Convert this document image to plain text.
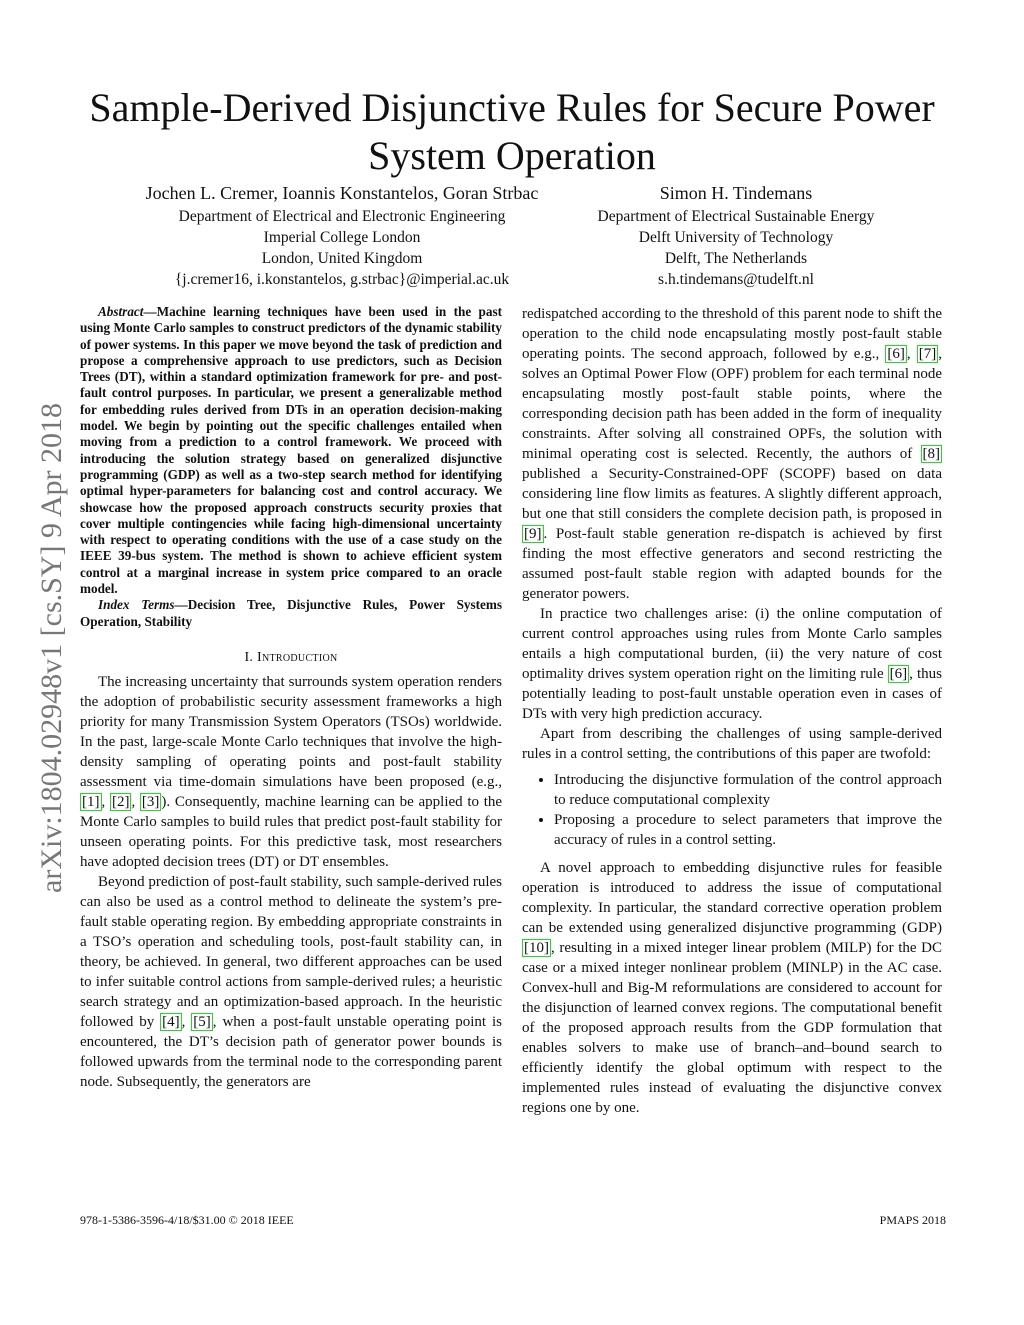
Sample-Derived Disjunctive Rules for Secure Power System Operation
Jochen L. Cremer, Ioannis Konstantelos, Goran Strbac
Department of Electrical and Electronic Engineering
Imperial College London
London, United Kingdom
{j.cremer16, i.konstantelos, g.strbac}@imperial.ac.uk
Simon H. Tindemans
Department of Electrical Sustainable Energy
Delft University of Technology
Delft, The Netherlands
s.h.tindemans@tudelft.nl
arXiv:1804.02948v1 [cs.SY] 9 Apr 2018

Abstract—Machine learning techniques have been used in the past using Monte Carlo samples to construct predictors of the dynamic stability of power systems. In this paper we move beyond the task of prediction and propose a comprehensive approach to use predictors, such as Decision Trees (DT), within a standard optimization framework for pre- and post-fault control purposes. In particular, we present a generalizable method for embedding rules derived from DTs in an operation decision-making model. We begin by pointing out the specific challenges entailed when moving from a prediction to a control framework. We proceed with introducing the solution strategy based on generalized disjunctive programming (GDP) as well as a two-step search method for identifying optimal hyper-parameters for balancing cost and control accuracy. We showcase how the proposed approach constructs security proxies that cover multiple contingencies while facing high-dimensional uncertainty with respect to operating conditions with the use of a case study on the IEEE 39-bus system. The method is shown to achieve efficient system control at a marginal increase in system price compared to an oracle model.

Index Terms—Decision Tree, Disjunctive Rules, Power Systems Operation, Stability

I. Introduction

The increasing uncertainty that surrounds system operation renders the adoption of probabilistic security assessment frameworks a high priority for many Transmission System Operators (TSOs) worldwide. In the past, large-scale Monte Carlo techniques that involve the high-density sampling of operating points and post-fault stability assessment via time-domain simulations have been proposed (e.g., [1] , [2] , [3] ). Consequently, machine learning can be applied to the Monte Carlo samples to build rules that predict post-fault stability for unseen operating points. For this predictive task, most researchers have adopted decision trees (DT) or DT ensembles.

Beyond prediction of post-fault stability, such sample-derived rules can also be used as a control method to delineate the system’s pre-fault stable operating region. By embedding appropriate constraints in a TSO’s operation and scheduling tools, post-fault stability can, in theory, be achieved. In general, two different approaches can be used to infer suitable control actions from sample-derived rules; a heuristic search strategy and an optimization-based approach. In the heuristic followed by [4] , [5] , when a post-fault unstable operating point is encountered, the DT’s decision path of generator power bounds is followed upwards from the terminal node to the corresponding parent node. Subsequently, the generators are

redispatched according to the threshold of this parent node to shift the operation to the child node encapsulating mostly post-fault stable operating points. The second approach, followed by e.g., [6] , [7] , solves an Optimal Power Flow (OPF) problem for each terminal node encapsulating mostly post-fault stable points, where the corresponding decision path has been added in the form of inequality constraints. After solving all constrained OPFs, the solution with minimal operating cost is selected. Recently, the authors of [8] published a Security-Constrained-OPF (SCOPF) based on data considering line flow limits as features. A slightly different approach, but one that still considers the complete decision path, is proposed in [9] . Post-fault stable generation re-dispatch is achieved by first finding the most effective generators and second restricting the assumed post-fault stable region with adapted bounds for the generator powers.

In practice two challenges arise: (i) the online computation of current control approaches using rules from Monte Carlo samples entails a high computational burden, (ii) the very nature of cost optimality drives system operation right on the limiting rule [6] , thus potentially leading to post-fault unstable operation even in cases of DTs with very high prediction accuracy.

Apart from describing the challenges of using sample-derived rules in a control setting, the contributions of this paper are twofold:

• Introducing the disjunctive formulation of the control approach to reduce computational complexity
• Proposing a procedure to select parameters that improve the accuracy of rules in a control setting.

A novel approach to embedding disjunctive rules for feasible operation is introduced to address the issue of computational complexity. In particular, the standard corrective operation problem can be extended using generalized disjunctive programming (GDP) [10] , resulting in a mixed integer linear problem (MILP) for the DC case or a mixed integer nonlinear problem (MINLP) in the AC case. Convex-hull and Big-M reformulations are considered to account for the disjunction of learned convex regions. The computational benefit of the proposed approach results from the GDP formulation that enables solvers to make use of branch–and–bound search to efficiently identify the global optimum with respect to the implemented rules instead of evaluating the disjunctive convex regions one by one.

978-1-5386-3596-4/18/$31.00 © 2018 IEEE	PMAPS 2018
